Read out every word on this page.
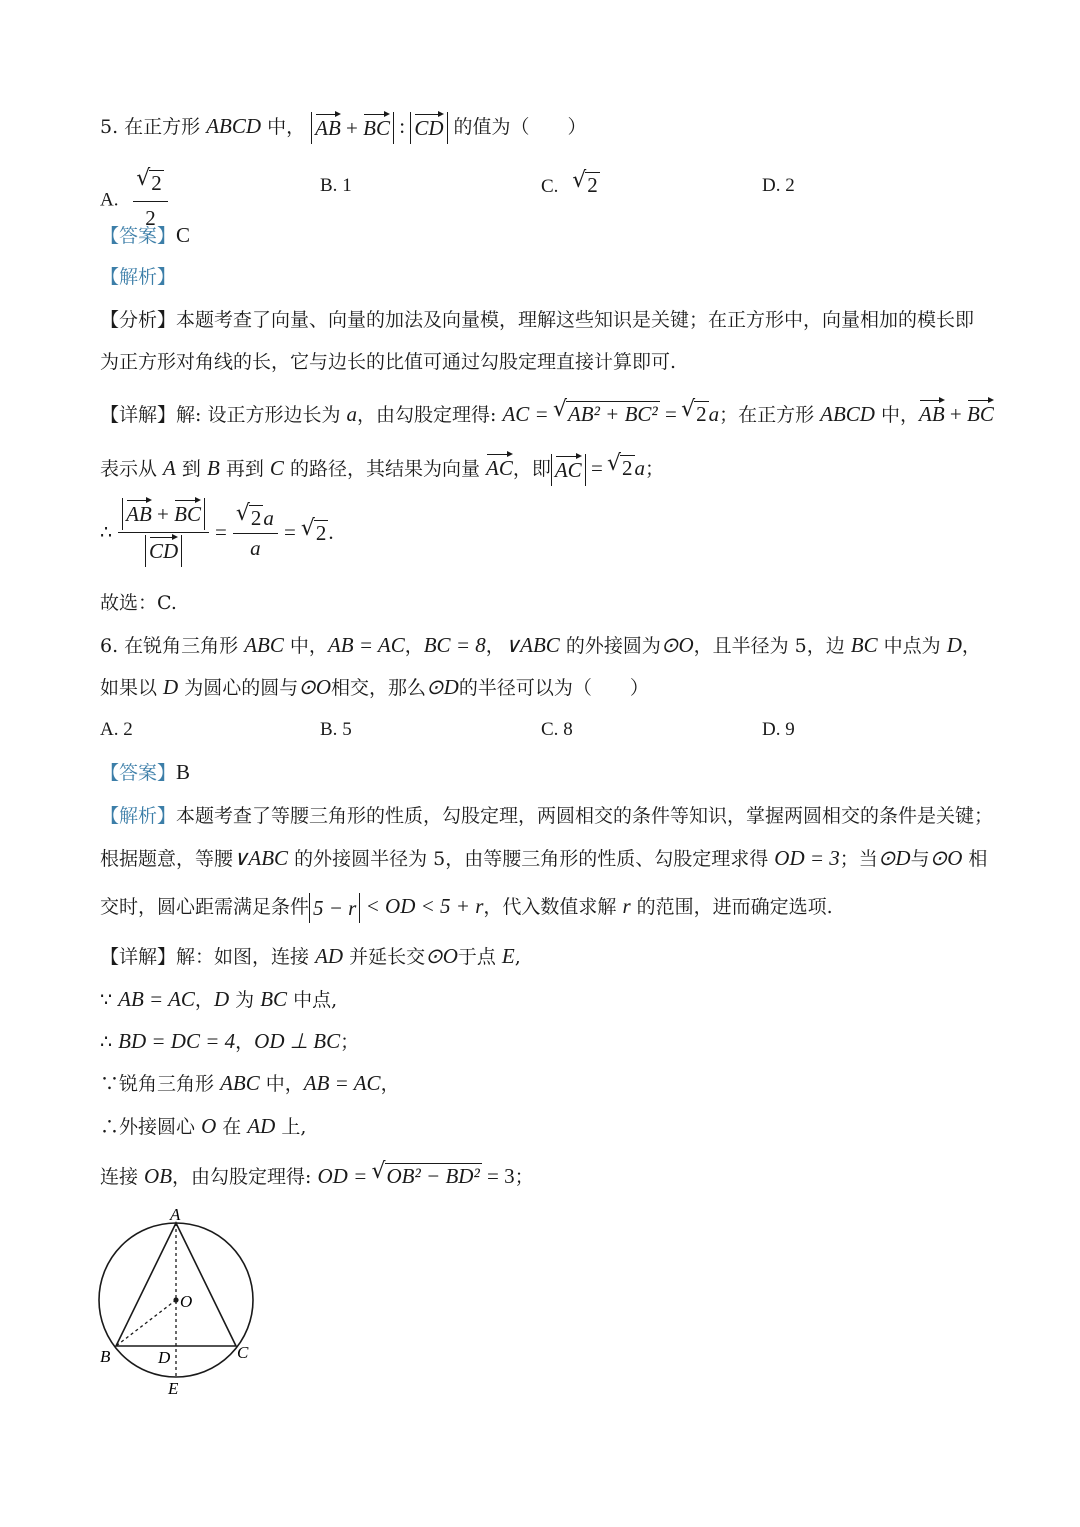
5. 在正方形 ABCD 中， AB + BC : CD 的值为（　　）
A. √ $\frac{2}{2}$	B. 1	C. √ 2	D. 2
【答案】C
【解析】
【分析】本题考查了向量、向量的加法及向量模，理解这些知识是关键；在正方形中，向量相加的模长即
为正方形对角线的长，它与边长的比值可通过勾股定理直接计算即可.
【详解】解: 设正方形边长为 a，由勾股定理得: AC = √ AB² + BC² = √ 2a；在正方形 ABCD 中，AB + BC
表示从 A 到 B 再到 C 的路径，其结果为向量 AC，即 AC = √ 2a；
∴ $\frac{AB + BC}{CD}$ = √ $\frac{2a}{a}$ = √ 2.
故选：C.
6. 在锐角三角形 ABC 中，AB = AC，BC = 8，∨ABC 的外接圆为⊙O，且半径为 5，边 BC 中点为 D，
如果以 D 为圆心的圆与⊙O相交，那么⊙D的半径可以为（　　）
A. 2	B. 5	C. 8	D. 9
【答案】B
【解析】本题考查了等腰三角形的性质，勾股定理，两圆相交的条件等知识，掌握两圆相交的条件是关键；
根据题意，等腰∨ABC 的外接圆半径为 5，由等腰三角形的性质、勾股定理求得 OD = 3；当⊙D与⊙O 相
交时，圆心距需满足条件 5 − r < OD < 5 + r，代入数值求解 r 的范围，进而确定选项.
【详解】解：如图，连接 AD 并延长交⊙O于点 E,
∵ AB = AC，D 为 BC 中点,
∴ BD = DC = 4，OD ⊥ BC；
∵锐角三角形 ABC 中，AB = AC，
∴外接圆心 O 在 AD 上,
连接 OB，由勾股定理得: OD = √ OB² − BD² = 3；
A
O
B	D	C
E
